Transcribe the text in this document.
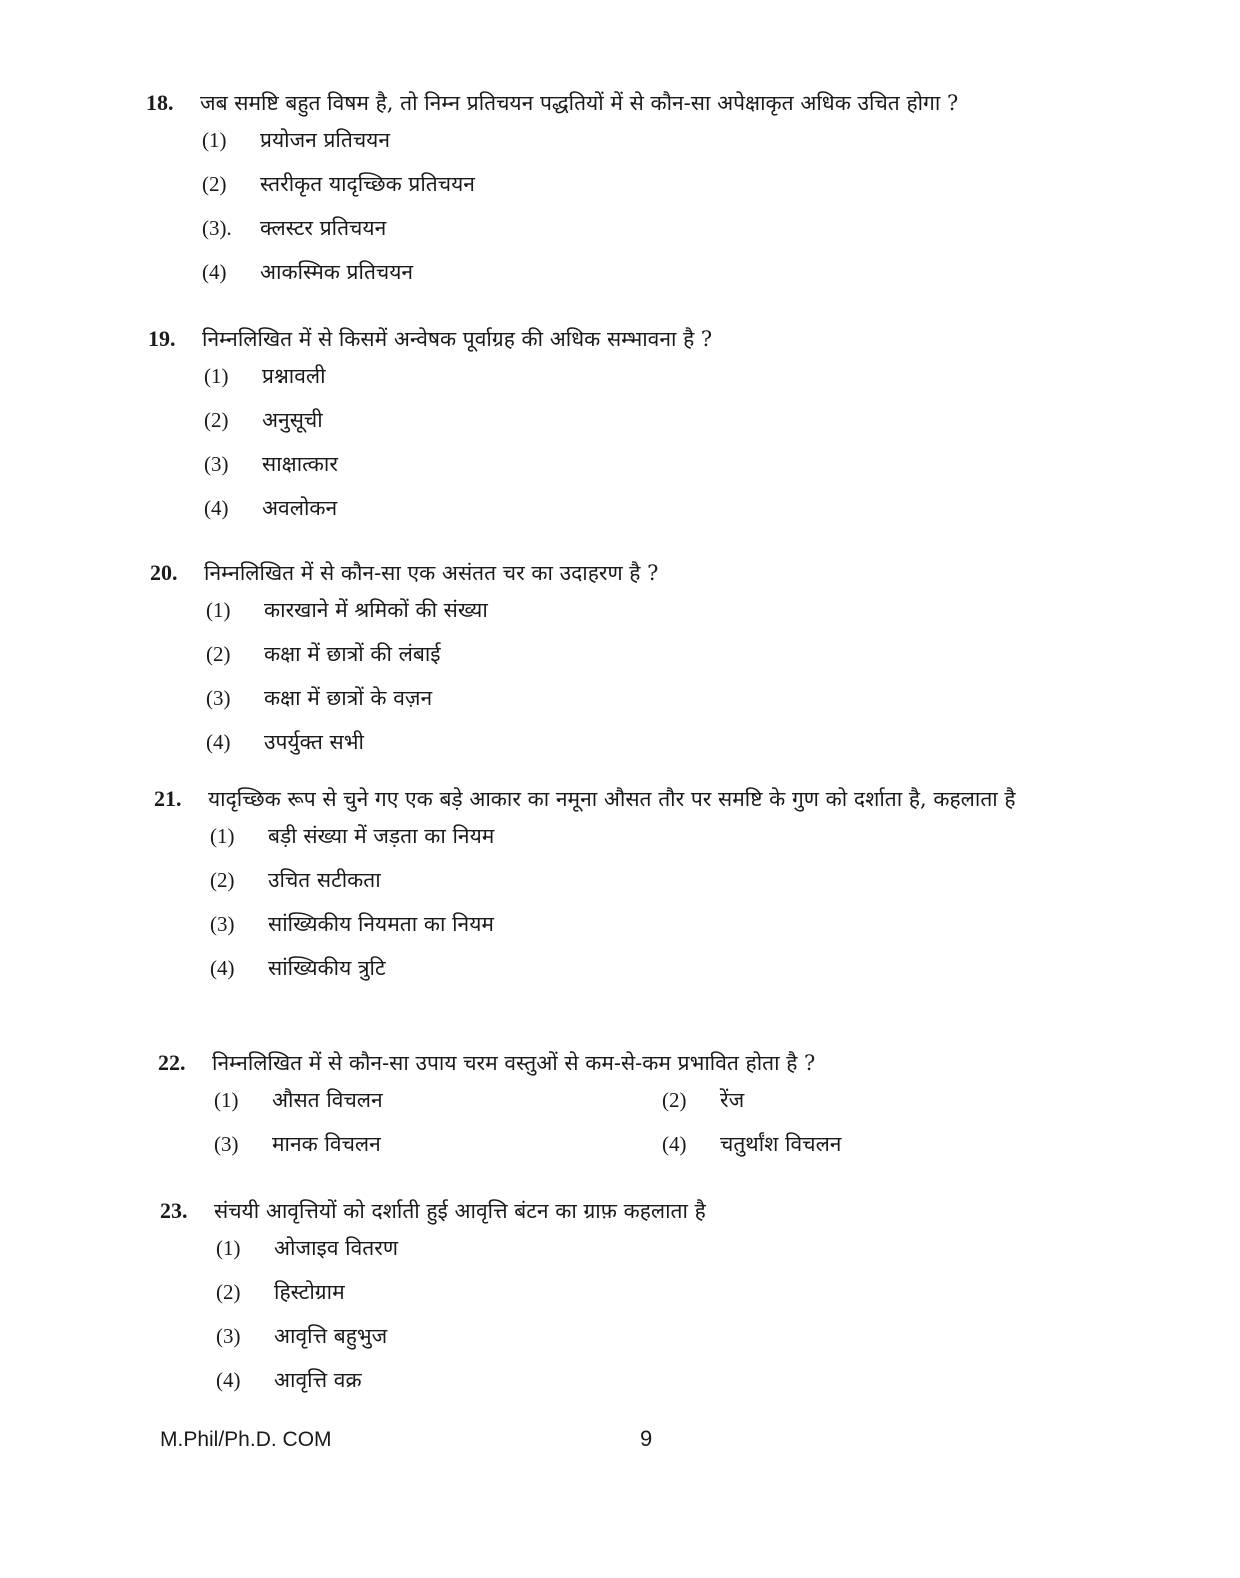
18.	जब समष्टि बहुत विषम है, तो निम्न प्रतिचयन पद्धतियों में से कौन-सा अपेक्षाकृत अधिक उचित होगा ?
(1)	प्रयोजन प्रतिचयन
(2)	स्तरीकृत यादृच्छिक प्रतिचयन
(3).	क्लस्टर प्रतिचयन
(4)	आकस्मिक प्रतिचयन
19.	निम्नलिखित में से किसमें अन्वेषक पूर्वाग्रह की अधिक सम्भावना है ?
(1)	प्रश्नावली
(2)	अनुसूची
(3)	साक्षात्कार
(4)	अवलोकन
20.	निम्नलिखित में से कौन-सा एक असंतत चर का उदाहरण है ?
(1)	कारखाने में श्रमिकों की संख्या
(2)	कक्षा में छात्रों की लंबाई
(3)	कक्षा में छात्रों के वज़न
(4)	उपर्युक्त सभी
21.	यादृच्छिक रूप से चुने गए एक बड़े आकार का नमूना औसत तौर पर समष्टि के गुण को दर्शाता है, कहलाता है
(1)	बड़ी संख्या में जड़ता का नियम
(2)	उचित सटीकता
(3)	सांख्यिकीय नियमता का नियम
(4)	सांख्यिकीय त्रुटि
22.	निम्नलिखित में से कौन-सा उपाय चरम वस्तुओं से कम-से-कम प्रभावित होता है ?
(1)	औसत विचलन	(2)	रेंज
(3)	मानक विचलन	(4)	चतुर्थांश विचलन
23.	संचयी आवृत्तियों को दर्शाती हुई आवृत्ति बंटन का ग्राफ़ कहलाता है
(1)	ओजाइव वितरण
(2)	हिस्टोग्राम
(3)	आवृत्ति बहुभुज
(4)	आवृत्ति वक्र
M.Phil/Ph.D. COM	9
